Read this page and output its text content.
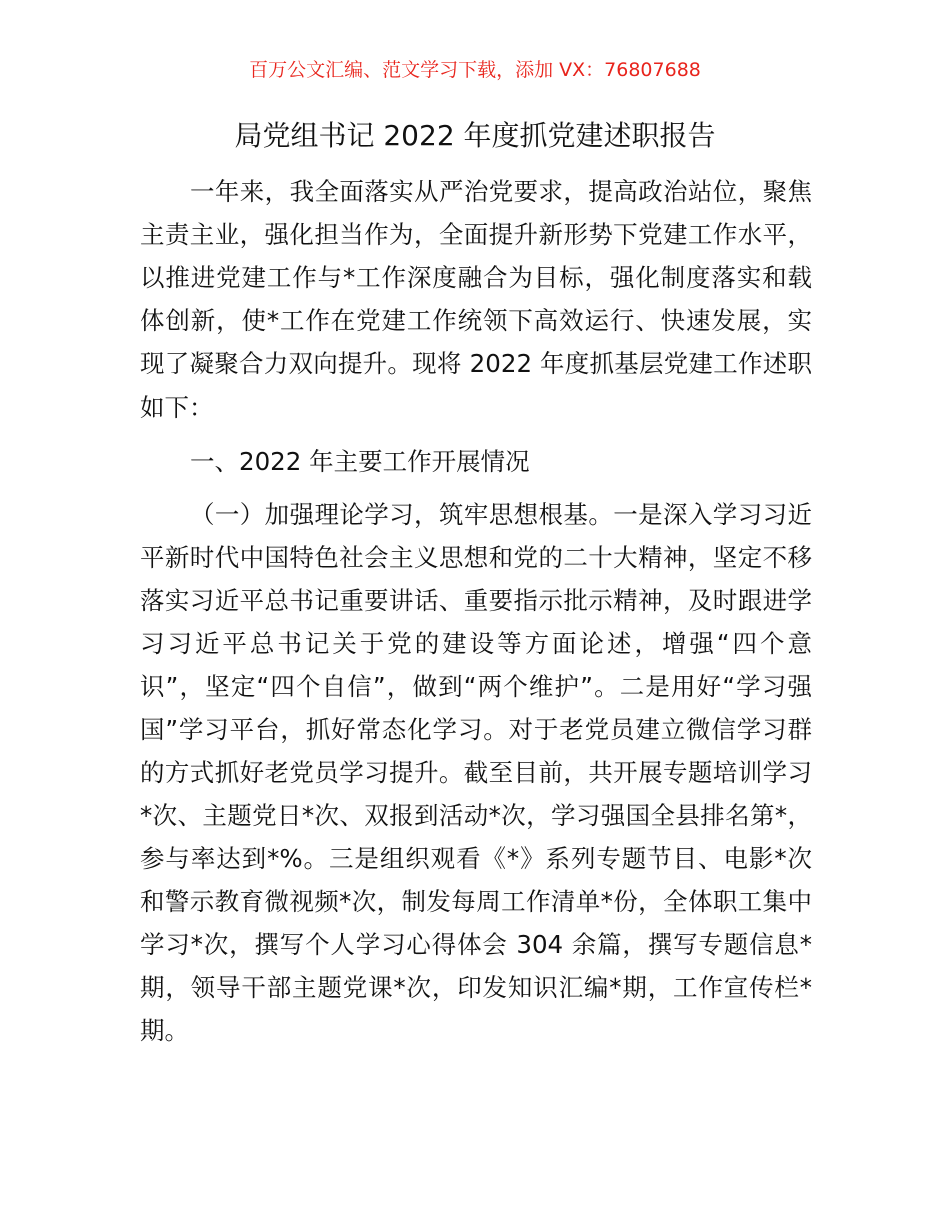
百万公文汇编、范文学习下载，添加 VX：76807688
局党组书记 2022 年度抓党建述职报告
一年来，我全面落实从严治党要求，提高政治站位，聚焦
主责主业，强化担当作为，全面提升新形势下党建工作水平，
以推进党建工作与*工作深度融合为目标，强化制度落实和载
体创新，使*工作在党建工作统领下高效运行、快速发展，实
现了凝聚合力双向提升。现将 2022 年度抓基层党建工作述职
如下：
一、2022 年主要工作开展情况
（一）加强理论学习，筑牢思想根基。一是深入学习习近
平新时代中国特色社会主义思想和党的二十大精神，坚定不移
落实习近平总书记重要讲话、重要指示批示精神，及时跟进学
习习近平总书记关于党的建设等方面论述，增强“四个意
识”，坚定“四个自信”，做到“两个维护”。二是用好“学习强
国”学习平台，抓好常态化学习。对于老党员建立微信学习群
的方式抓好老党员学习提升。截至目前，共开展专题培训学习
*次、主题党日*次、双报到活动*次，学习强国全县排名第*，
参与率达到*%。三是组织观看《*》系列专题节目、电影*次
和警示教育微视频*次，制发每周工作清单*份，全体职工集中
学习*次，撰写个人学习心得体会 304 余篇，撰写专题信息*
期，领导干部主题党课*次，印发知识汇编*期，工作宣传栏*
期。
